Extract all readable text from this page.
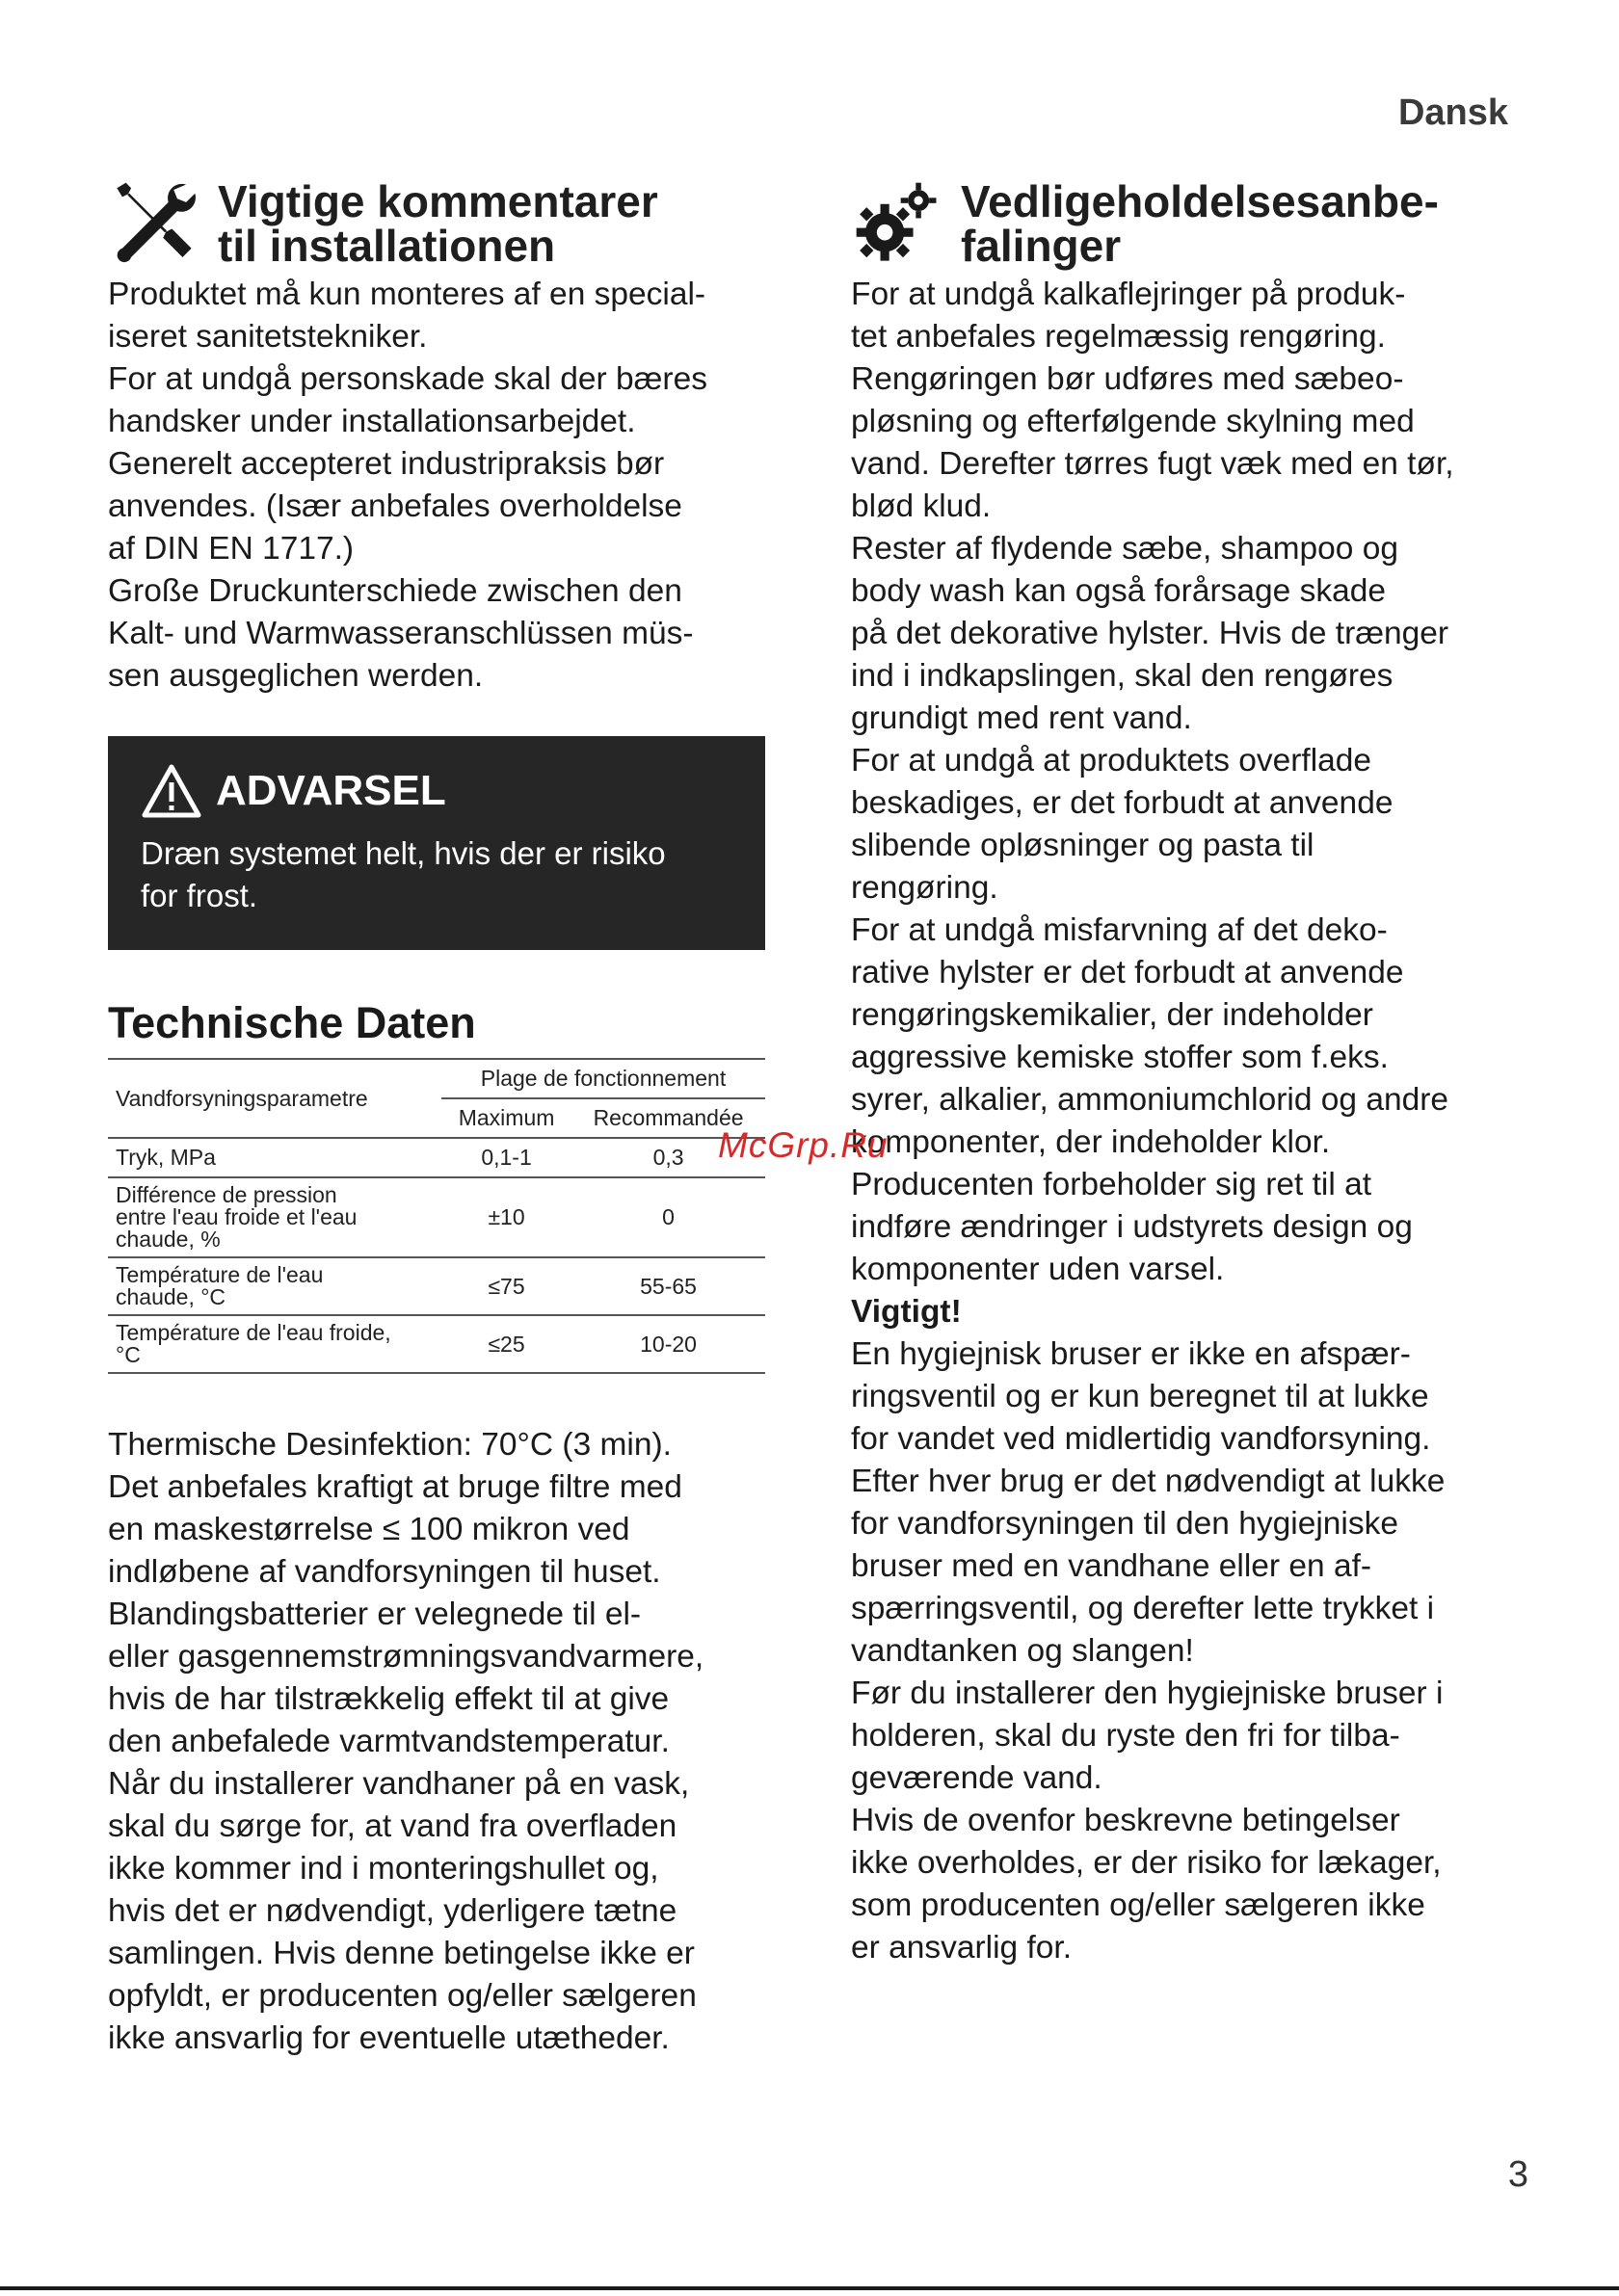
Dansk
Vigtige kommentarer
til installationen

Produktet må kun monteres af en special-
iseret sanitetstekniker.
For at undgå personskade skal der bæres
handsker under installationsarbejdet.
Generelt accepteret industripraksis bør
anvendes. (Især anbefales overholdelse
af DIN EN 1717.)
Große Druckunterschiede zwischen den
Kalt- und Warmwasseranschlüssen müs-
sen ausgeglichen werden.

ADVARSEL
Dræn systemet helt, hvis der er risiko
for frost.
Technische Daten
Vandforsyningsparametre	Plage de fonctionnement	
	Maximum	Recommandée
Tryk, MPa	0,1-1	0,3
Différence de pression
entre l'eau froide et l'eau
chaude, %	±10	0
Température de l'eau
chaude, °C	≤75	55-65
Température de l'eau froide,
°C	≤25	10-20

Thermische Desinfektion: 70°C (3 min).
Det anbefales kraftigt at bruge filtre med
en maskestørrelse ≤ 100 mikron ved
indløbene af vandforsyningen til huset.
Blandingsbatterier er velegnede til el-
eller gasgennemstrømningsvandvarmere,
hvis de har tilstrækkelig effekt til at give
den anbefalede varmtvandstemperatur.
Når du installerer vandhaner på en vask,
skal du sørge for, at vand fra overfladen
ikke kommer ind i monteringshullet og,
hvis det er nødvendigt, yderligere tætne
samlingen. Hvis denne betingelse ikke er
opfyldt, er producenten og/eller sælgeren
ikke ansvarlig for eventuelle utætheder.

Vedligeholdelsesanbe-
falinger

For at undgå kalkaflejringer på produk-
tet anbefales regelmæssig rengøring.
Rengøringen bør udføres med sæbeo-
pløsning og efterfølgende skylning med
vand. Derefter tørres fugt væk med en tør,
blød klud.
Rester af flydende sæbe, shampoo og
body wash kan også forårsage skade
på det dekorative hylster. Hvis de trænger
ind i indkapslingen, skal den rengøres
grundigt med rent vand.
For at undgå at produktets overflade
beskadiges, er det forbudt at anvende
slibende opløsninger og pasta til
rengøring.
For at undgå misfarvning af det deko-
rative hylster er det forbudt at anvende
rengøringskemikalier, der indeholder
aggressive kemiske stoffer som f.eks.
syrer, alkalier, ammoniumchlorid og andre
komponenter, der indeholder klor.
Producenten forbeholder sig ret til at
indføre ændringer i udstyrets design og
komponenter uden varsel.

Vigtigt!

En hygiejnisk bruser er ikke en afspær-
ringsventil og er kun beregnet til at lukke
for vandet ved midlertidig vandforsyning.
Efter hver brug er det nødvendigt at lukke
for vandforsyningen til den hygiejniske
bruser med en vandhane eller en af-
spærringsventil, og derefter lette trykket i
vandtanken og slangen!
Før du installerer den hygiejniske bruser i
holderen, skal du ryste den fri for tilba-
geværende vand.
Hvis de ovenfor beskrevne betingelser
ikke overholdes, er der risiko for lækager,
som producenten og/eller sælgeren ikke
er ansvarlig for.

McGrp.Ru
3
